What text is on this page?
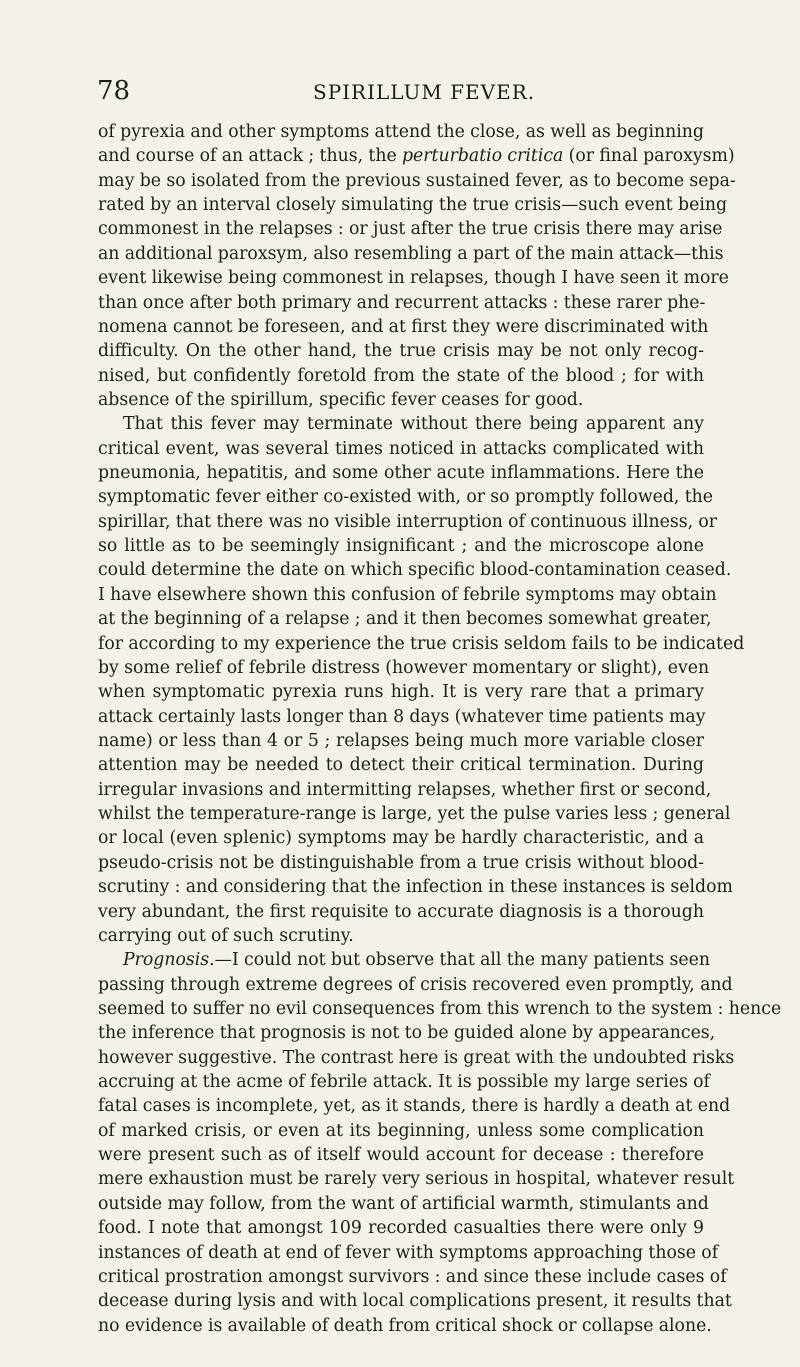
78	SPIRILLUM FEVER.
of pyrexia and other symptoms attend the close, as well as beginning
and course of an attack ; thus, the perturbatio critica (or final paroxysm)
may be so isolated from the previous sustained fever, as to become sepa-
rated by an interval closely simulating the true crisis—such event being
commonest in the relapses : or just after the true crisis there may arise
an additional paroxsym, also resembling a part of the main attack—this
event likewise being commonest in relapses, though I have seen it more
than once after both primary and recurrent attacks : these rarer phe-
nomena cannot be foreseen, and at first they were discriminated with
difficulty. On the other hand, the true crisis may be not only recog-
nised, but confidently foretold from the state of the blood ; for with
absence of the spirillum, specific fever ceases for good.
That this fever may terminate without there being apparent any
critical event, was several times noticed in attacks complicated with
pneumonia, hepatitis, and some other acute inflammations. Here the
symptomatic fever either co-existed with, or so promptly followed, the
spirillar, that there was no visible interruption of continuous illness, or
so little as to be seemingly insignificant ; and the microscope alone
could determine the date on which specific blood-contamination ceased.
I have elsewhere shown this confusion of febrile symptoms may obtain
at the beginning of a relapse ; and it then becomes somewhat greater,
for according to my experience the true crisis seldom fails to be indicated
by some relief of febrile distress (however momentary or slight), even
when symptomatic pyrexia runs high. It is very rare that a primary
attack certainly lasts longer than 8 days (whatever time patients may
name) or less than 4 or 5 ; relapses being much more variable closer
attention may be needed to detect their critical termination. During
irregular invasions and intermitting relapses, whether first or second,
whilst the temperature-range is large, yet the pulse varies less ; general
or local (even splenic) symptoms may be hardly characteristic, and a
pseudo-crisis not be distinguishable from a true crisis without blood-
scrutiny : and considering that the infection in these instances is seldom
very abundant, the first requisite to accurate diagnosis is a thorough
carrying out of such scrutiny.
Prognosis.—I could not but observe that all the many patients seen
passing through extreme degrees of crisis recovered even promptly, and
seemed to suffer no evil consequences from this wrench to the system : hence
the inference that prognosis is not to be guided alone by appearances,
however suggestive. The contrast here is great with the undoubted risks
accruing at the acme of febrile attack. It is possible my large series of
fatal cases is incomplete, yet, as it stands, there is hardly a death at end
of marked crisis, or even at its beginning, unless some complication
were present such as of itself would account for decease : therefore
mere exhaustion must be rarely very serious in hospital, whatever result
outside may follow, from the want of artificial warmth, stimulants and
food. I note that amongst 109 recorded casualties there were only 9
instances of death at end of fever with symptoms approaching those of
critical prostration amongst survivors : and since these include cases of
decease during lysis and with local complications present, it results that
no evidence is available of death from critical shock or collapse alone.
